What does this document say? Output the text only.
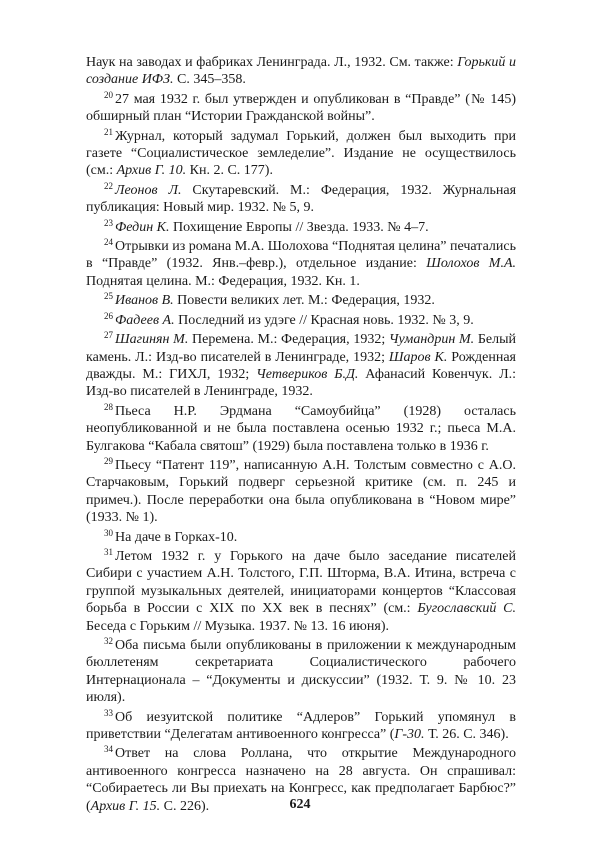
Наук на заводах и фабриках Ленинграда. Л., 1932. См. также: Горький и создание ИФЗ. С. 345–358.

$^{20}$ 27 мая 1932 г. был утвержден и опубликован в “Правде” (№ 145) обширный план “Истории Гражданской войны”.

$^{21}$ Журнал, который задумал Горький, должен был выходить при газете “Социалистическое земледелие”. Издание не осуществилось (см.: Архив Г. 10. Кн. 2. С. 177).

$^{22}$ Леонов Л. Скутаревский. М.: Федерация, 1932. Журнальная публикация: Новый мир. 1932. № 5, 9.

$^{23}$ Федин К. Похищение Европы // Звезда. 1933. № 4–7.

$^{24}$ Отрывки из романа М.А. Шолохова “Поднятая целина” печатались в “Правде” (1932. Янв.–февр.), отдельное издание: Шолохов М.А. Поднятая целина. М.: Федерация, 1932. Кн. 1.

$^{25}$ Иванов В. Повести великих лет. М.: Федерация, 1932.

$^{26}$ Фадеев А. Последний из удэге // Красная новь. 1932. № 3, 9.

$^{27}$ Шагинян М. Перемена. М.: Федерация, 1932; Чумандрин М. Белый камень. Л.: Изд-во писателей в Ленинграде, 1932; Шаров К. Рожденная дважды. М.: ГИХЛ, 1932; Четвериков Б.Д. Афанасий Ковенчук. Л.: Изд-во писателей в Ленинграде, 1932.

$^{28}$ Пьеса Н.Р. Эрдмана “Самоубийца” (1928) осталась неопубликованной и не была поставлена осенью 1932 г.; пьеса М.А. Булгакова “Кабала святош” (1929) была поставлена только в 1936 г.

$^{29}$ Пьесу “Патент 119”, написанную А.Н. Толстым совместно с А.О. Старчаковым, Горький подверг серьезной критике (см. п. 245 и примеч.). После переработки она была опубликована в “Новом мире” (1933. № 1).

$^{30}$ На даче в Горках-10.

$^{31}$ Летом 1932 г. у Горького на даче было заседание писателей Сибири с участием А.Н. Толстого, Г.П. Шторма, В.А. Итина, встреча с группой музыкальных деятелей, инициаторами концертов “Классовая борьба в России с XIX по XX век в песнях” (см.: Бугославский С. Беседа с Горьким // Музыка. 1937. № 13. 16 июня).

$^{32}$ Оба письма были опубликованы в приложении к международным бюллетеням секретариата Социалистического рабочего Интернационала – “Документы и дискуссии” (1932. Т. 9. № 10. 23 июля).

$^{33}$ Об иезуитской политике “Адлеров” Горький упомянул в приветствии “Делегатам антивоенного конгресса” (Г-30. Т. 26. С. 346).

$^{34}$ Ответ на слова Роллана, что открытие Международного антивоенного конгресса назначено на 28 августа. Он спрашивал: “Собираетесь ли Вы приехать на Конгресс, как предполагает Барбюс?” (Архив Г. 15. С. 226).	624
